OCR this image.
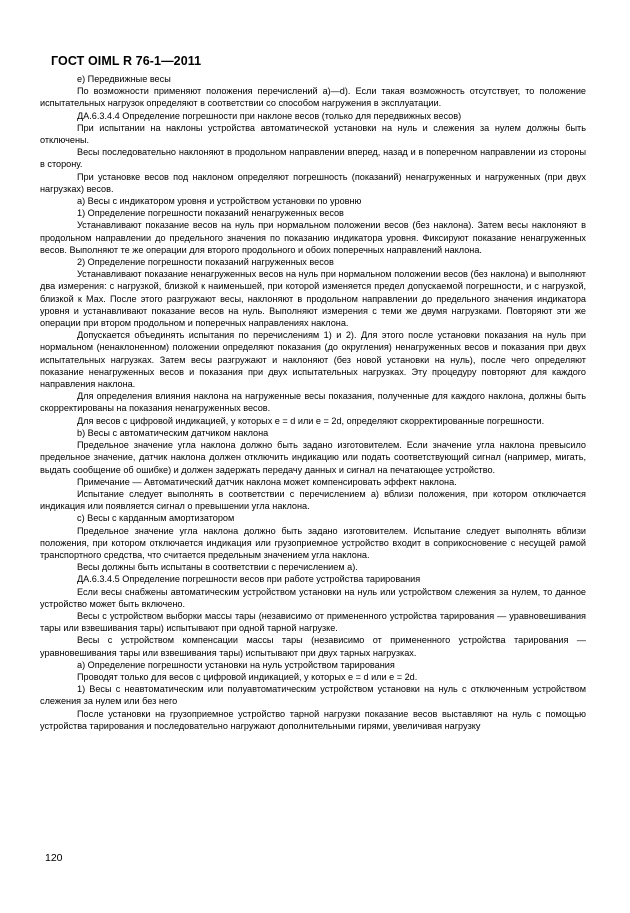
ГОСТ OIML R 76-1—2011

е) Передвижные весы

По возможности применяют положения перечислений а)—d). Если такая возможность отсутствует, то положение испытательных нагрузок определяют в соответствии со способом нагружения в эксплуатации.

ДА.6.3.4.4 Определение погрешности при наклоне весов (только для передвижных весов)

При испытании на наклоны устройства автоматической установки на нуль и слежения за нулем должны быть отключены.

Весы последовательно наклоняют в продольном направлении вперед, назад и в поперечном направлении из стороны в сторону.

При установке весов под наклоном определяют погрешность (показаний) ненагруженных и нагруженных (при двух нагрузках) весов.

а) Весы с индикатором уровня и устройством установки по уровню

1) Определение погрешности показаний ненагруженных весов

Устанавливают показание весов на нуль при нормальном положении весов (без наклона). Затем весы наклоняют в продольном направлении до предельного значения по показанию индикатора уровня. Фиксируют показание ненагруженных весов. Выполняют те же операции для второго продольного и обоих поперечных направлений наклона.

2) Определение погрешности показаний нагруженных весов

Устанавливают показание ненагруженных весов на нуль при нормальном положении весов (без наклона) и выполняют два измерения: с нагрузкой, близкой к наименьшей, при которой изменяется предел допускаемой погрешности, и с нагрузкой, близкой к Max. После этого разгружают весы, наклоняют в продольном направлении до предельного значения индикатора уровня и устанавливают показание весов на нуль. Выполняют измерения с теми же двумя нагрузками. Повторяют эти же операции при втором продольном и поперечных направлениях наклона.

Допускается объединять испытания по перечислениям 1) и 2). Для этого после установки показания на нуль при нормальном (ненаклоненном) положении определяют показания (до округления) ненагруженных весов и показания при двух испытательных нагрузках. Затем весы разгружают и наклоняют (без новой установки на нуль), после чего определяют показание ненагруженных весов и показания при двух испытательных нагрузках. Эту процедуру повторяют для каждого направления наклона.

Для определения влияния наклона на нагруженные весы показания, полученные для каждого наклона, должны быть скорректированы на показания ненагруженных весов.

Для весов с цифровой индикацией, у которых e = d или e = 2d, определяют скорректированные погрешности.

b) Весы с автоматическим датчиком наклона

Предельное значение угла наклона должно быть задано изготовителем. Если значение угла наклона превысило предельное значение, датчик наклона должен отключить индикацию или подать соответствующий сигнал (например, мигать, выдать сообщение об ошибке) и должен задержать передачу данных и сигнал на печатающее устройство.

Примечание — Автоматический датчик наклона может компенсировать эффект наклона.

Испытание следует выполнять в соответствии с перечислением а) вблизи положения, при котором отключается индикация или появляется сигнал о превышении угла наклона.

c) Весы с карданным амортизатором

Предельное значение угла наклона должно быть задано изготовителем. Испытание следует выполнять вблизи положения, при котором отключается индикация или грузоприемное устройство входит в соприкосновение с несущей рамой транспортного средства, что считается предельным значением угла наклона.

Весы должны быть испытаны в соответствии с перечислением а).

ДА.6.3.4.5 Определение погрешности весов при работе устройства тарирования

Если весы снабжены автоматическим устройством установки на нуль или устройством слежения за нулем, то данное устройство может быть включено.

Весы с устройством выборки массы тары (независимо от примененного устройства тарирования — уравновешивания тары или взвешивания тары) испытывают при одной тарной нагрузке.

Весы с устройством компенсации массы тары (независимо от примененного устройства тарирования — уравновешивания тары или взвешивания тары) испытывают при двух тарных нагрузках.

а) Определение погрешности установки на нуль устройством тарирования

Проводят только для весов с цифровой индикацией, у которых e = d или e = 2d.

1) Весы с неавтоматическим или полуавтоматическим устройством установки на нуль с отключенным устройством слежения за нулем или без него

После установки на грузоприемное устройство тарной нагрузки показание весов выставляют на нуль с помощью устройства тарирования и последовательно нагружают дополнительными гирями, увеличивая нагрузку

120
